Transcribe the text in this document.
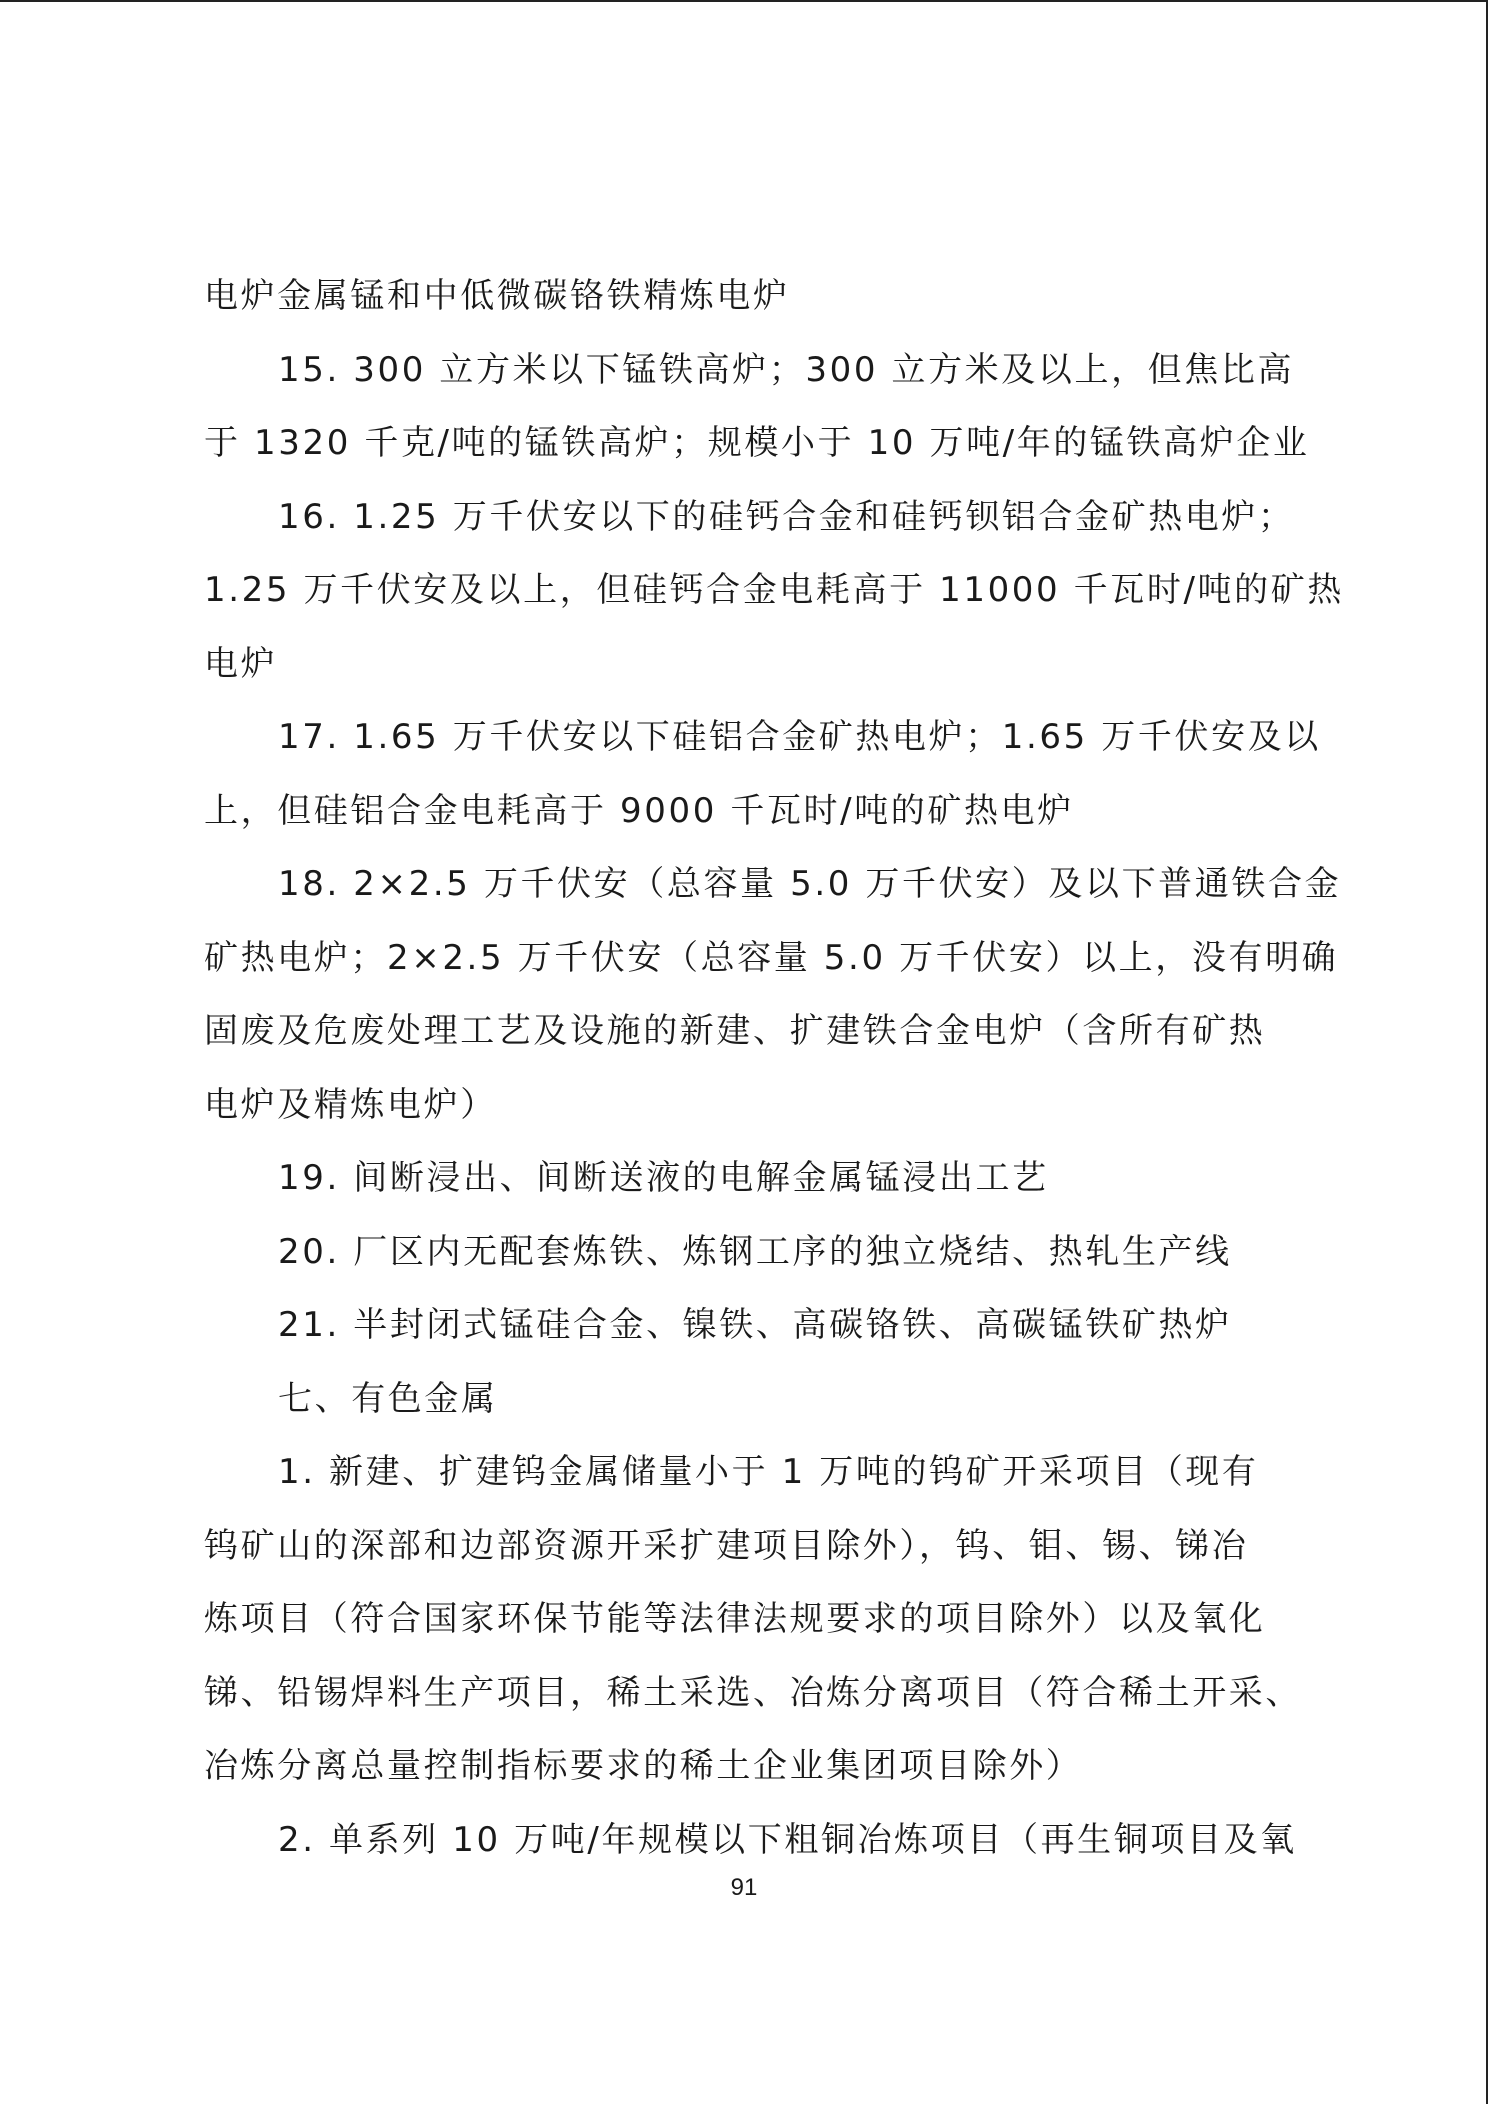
电炉金属锰和中低微碳铬铁精炼电炉
15. 300 立方米以下锰铁高炉；300 立方米及以上，但焦比高
于 1320 千克/吨的锰铁高炉；规模小于 10 万吨/年的锰铁高炉企业
16. 1.25 万千伏安以下的硅钙合金和硅钙钡铝合金矿热电炉；
1.25 万千伏安及以上，但硅钙合金电耗高于 11000 千瓦时/吨的矿热
电炉
17. 1.65 万千伏安以下硅铝合金矿热电炉；1.65 万千伏安及以
上，但硅铝合金电耗高于 9000 千瓦时/吨的矿热电炉
18. 2×2.5 万千伏安（总容量 5.0 万千伏安）及以下普通铁合金
矿热电炉；2×2.5 万千伏安（总容量 5.0 万千伏安）以上，没有明确
固废及危废处理工艺及设施的新建、扩建铁合金电炉（含所有矿热
电炉及精炼电炉）
19. 间断浸出、间断送液的电解金属锰浸出工艺
20. 厂区内无配套炼铁、炼钢工序的独立烧结、热轧生产线
21. 半封闭式锰硅合金、镍铁、高碳铬铁、高碳锰铁矿热炉
七、有色金属
1. 新建、扩建钨金属储量小于 1 万吨的钨矿开采项目（现有
钨矿山的深部和边部资源开采扩建项目除外），钨、钼、锡、锑冶
炼项目（符合国家环保节能等法律法规要求的项目除外）以及氧化
锑、铅锡焊料生产项目，稀土采选、冶炼分离项目（符合稀土开采、
冶炼分离总量控制指标要求的稀土企业集团项目除外）
2. 单系列 10 万吨/年规模以下粗铜冶炼项目（再生铜项目及氧
91
